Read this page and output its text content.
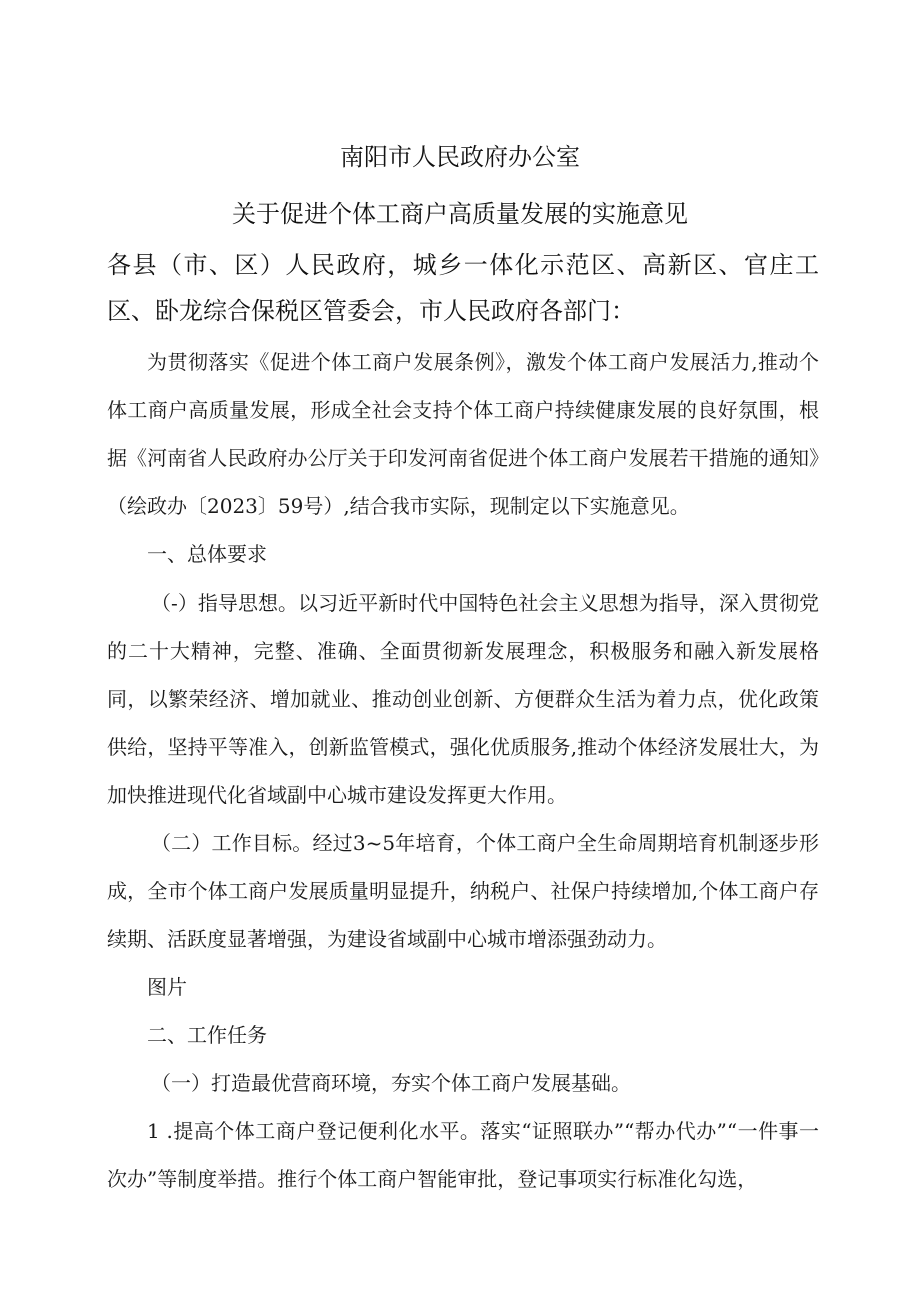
南阳市人民政府办公室
关于促进个体工商户高质量发展的实施意见

各县（市、区）人民政府，城乡一体化示范区、高新区、官庄工区、卧龙综合保税区管委会，市人民政府各部门：

为贯彻落实《促进个体工商户发展条例》，激发个体工商户发展活力,推动个体工商户高质量发展，形成全社会支持个体工商户持续健康发展的良好氛围，根据《河南省人民政府办公厅关于印发河南省促进个体工商户发展若干措施的通知》（绘政办〔2023〕59号）,结合我市实际，现制定以下实施意见。

一、总体要求

（-）指导思想。以习近平新时代中国特色社会主义思想为指导，深入贯彻党的二十大精神，完整、准确、全面贯彻新发展理念，积极服务和融入新发展格同，以繁荣经济、增加就业、推动创业创新、方便群众生活为着力点，优化政策供给，坚持平等准入，创新监管模式，强化优质服务,推动个体经济发展壮大，为加快推进现代化省域副中心城市建设发挥更大作用。

（二）工作目标。经过3~5年培育，个体工商户全生命周期培育机制逐步形成，全市个体工商户发展质量明显提升，纳税户、社保户持续增加,个体工商户存续期、活跃度显著增强，为建设省域副中心城市增添强劲动力。

图片

二、工作任务

（一）打造最优营商环境，夯实个体工商户发展基础。

1 .提高个体工商户登记便利化水平。落实“证照联办”“帮办代办”“一件事一次办”等制度举措。推行个体工商户智能审批，登记事项实行标准化勾选，
